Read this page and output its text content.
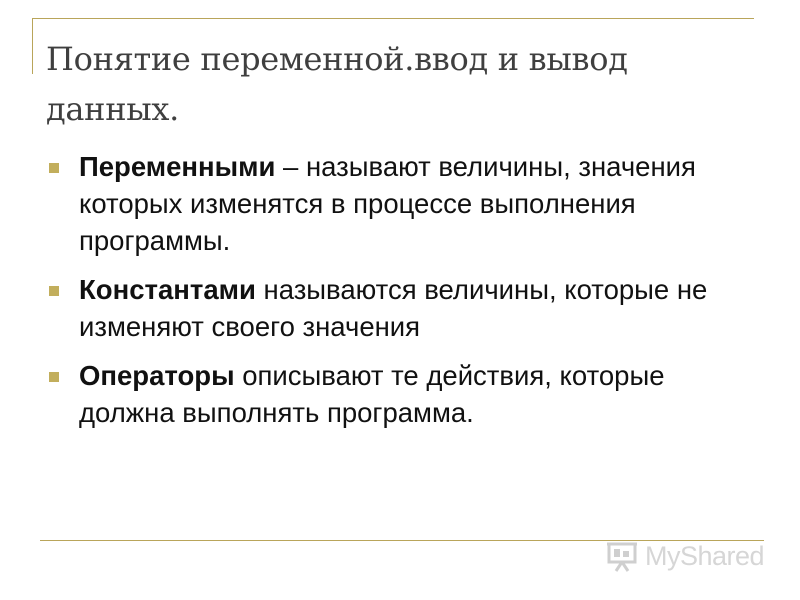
Понятие переменной.ввод и вывод данных.
Переменными – называют величины, значения которых изменятся в процессе выполнения программы.
Константами называются величины, которые не изменяют своего значения
Операторы описывают те действия, которые должна выполнять программа.
MyShared
